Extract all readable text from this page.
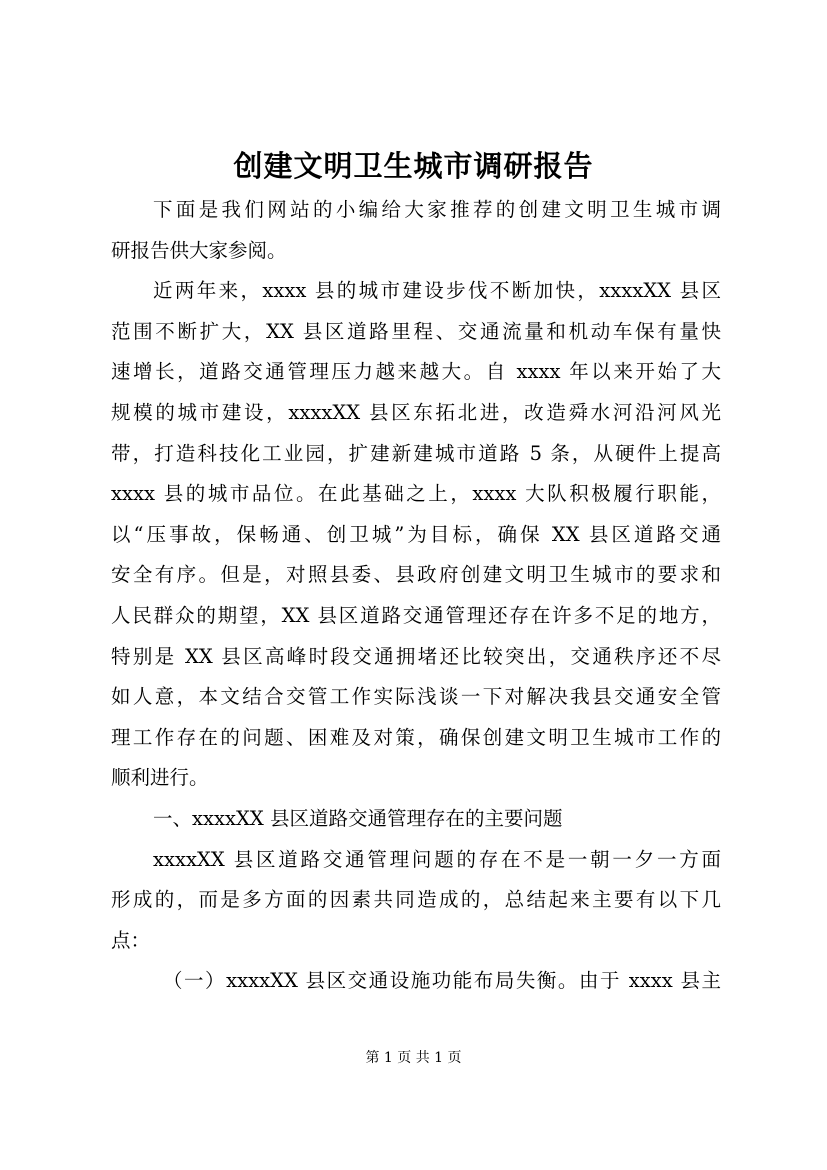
创建文明卫生城市调研报告
下面是我们网站的小编给大家推荐的创建文明卫生城市调
研报告供大家参阅。
近两年来，xxxx 县的城市建设步伐不断加快，xxxxXX 县区
范围不断扩大，XX 县区道路里程、交通流量和机动车保有量快
速增长，道路交通管理压力越来越大。自 xxxx 年以来开始了大
规模的城市建设，xxxxXX 县区东拓北进，改造舜水河沿河风光
带，打造科技化工业园，扩建新建城市道路 5 条，从硬件上提高
xxxx 县的城市品位。在此基础之上，xxxx 大队积极履行职能，
以“压事故，保畅通、创卫城”为目标，确保 XX 县区道路交通
安全有序。但是，对照县委、县政府创建文明卫生城市的要求和
人民群众的期望，XX 县区道路交通管理还存在许多不足的地方，
特别是 XX 县区高峰时段交通拥堵还比较突出，交通秩序还不尽
如人意，本文结合交管工作实际浅谈一下对解决我县交通安全管
理工作存在的问题、困难及对策，确保创建文明卫生城市工作的
顺利进行。
一、xxxxXX 县区道路交通管理存在的主要问题
xxxxXX 县区道路交通管理问题的存在不是一朝一夕一方面
形成的，而是多方面的因素共同造成的，总结起来主要有以下几
点：
（一）xxxxXX 县区交通设施功能布局失衡。由于 xxxx 县主
第 1 页 共 1 页
